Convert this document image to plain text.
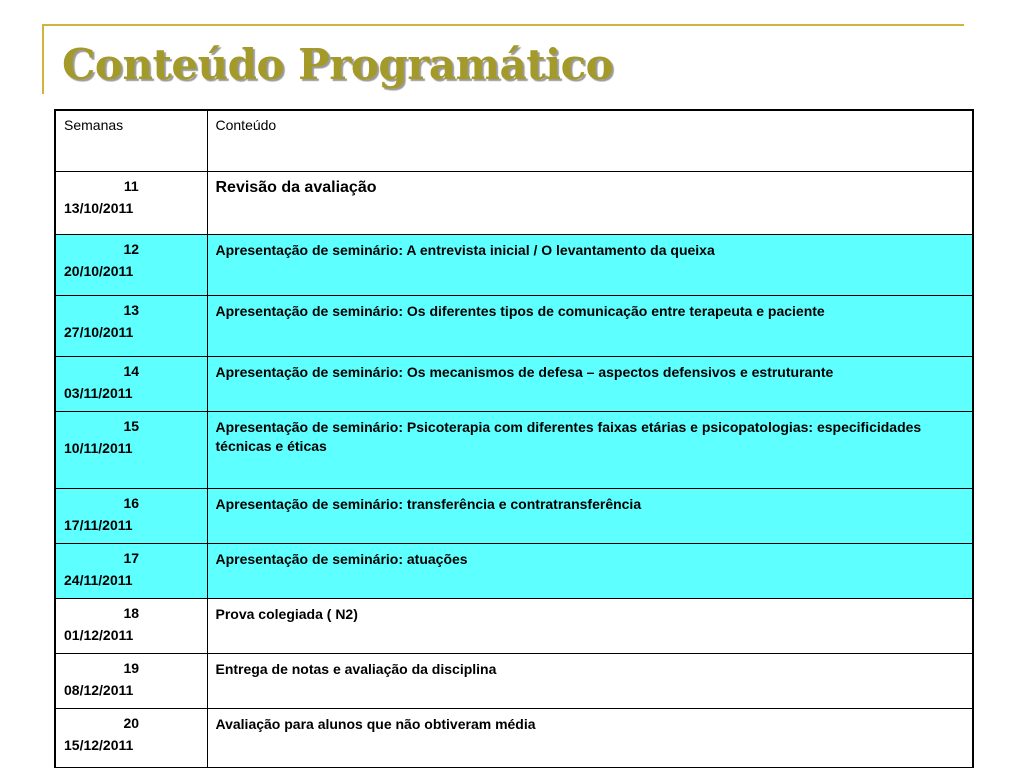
Conteúdo Programático
Semanas	Conteúdo

11
13/10/2011	Revisão da avaliação

12
20/10/2011	Apresentação de seminário: A entrevista inicial / O levantamento da queixa

13
27/10/2011	Apresentação de seminário: Os diferentes tipos de comunicação entre terapeuta e paciente

14
03/11/2011	Apresentação de seminário: Os mecanismos de defesa – aspectos defensivos e estruturante

15
10/11/2011	Apresentação de seminário: Psicoterapia com diferentes faixas etárias e psicopatologias: especificidades técnicas e éticas

16
17/11/2011	Apresentação de seminário: transferência e contratransferência

17
24/11/2011	Apresentação de seminário: atuações

18
01/12/2011	Prova colegiada ( N2)

19
08/12/2011	Entrega de notas e avaliação da disciplina

20
15/12/2011	Avaliação para alunos que não obtiveram média
